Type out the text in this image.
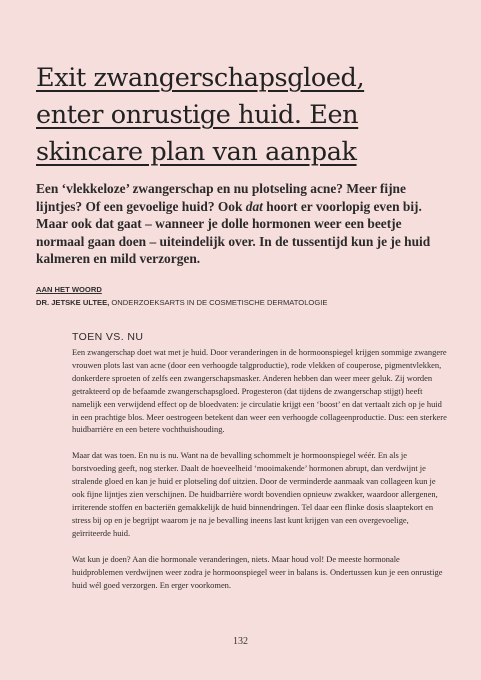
Exit zwangerschapsgloed,
enter onrustige huid. Een
skincare plan van aanpak

Een ‘vlekkeloze’ zwangerschap en nu plotseling acne? Meer fijne lijntjes? Of een gevoelige huid? Ook dat hoort er voorlopig even bij. Maar ook dat gaat – wanneer je dolle hormonen weer een beetje normaal gaan doen – uiteindelijk over. In de tussentijd kun je je huid kalmeren en mild verzorgen.

AAN HET WOORD
DR. JETSKE ULTEE, ONDERZOEKSARTS IN DE COSMETISCHE DERMATOLOGIE
TOEN VS. NU

Een zwangerschap doet wat met je huid. Door veranderingen in de hormoonspiegel krijgen sommige zwangere vrouwen plots last van acne (door een verhoogde talgproductie), rode vlekken of couperose, pigmentvlekken, donkerdere sproeten of zelfs een zwangerschapsmasker. Anderen hebben dan weer meer geluk. Zij worden getrakteerd op de befaamde zwangerschapsgloed. Progesteron (dat tijdens de zwangerschap stijgt) heeft namelijk een verwijdend effect op de bloedvaten: je circulatie krijgt een ‘boost’ en dat vertaalt zich op je huid in een prachtige blos. Meer oestrogeen betekent dan weer een verhoogde collageenproductie. Dus: een sterkere huidbarrière en een betere vochthuishouding.

Maar dat was toen. En nu is nu. Want na de bevalling schommelt je hormoonspiegel wéér. En als je borstvoeding geeft, nog sterker. Daalt de hoeveelheid ‘mooimakende’ hormonen abrupt, dan verdwijnt je stralende gloed en kan je huid er plotseling dof uitzien. Door de verminderde aanmaak van collageen kun je ook fijne lijntjes zien verschijnen. De huidbarrière wordt bovendien opnieuw zwakker, waardoor allergenen, irriterende stoffen en bacteriën gemakkelijk de huid binnendringen. Tel daar een flinke dosis slaaptekort en stress bij op en je begrijpt waarom je na je bevalling ineens last kunt krijgen van een overgevoelige, geïrriteerde huid.

Wat kun je doen? Aan die hormonale veranderingen, niets. Maar houd vol! De meeste hormonale huidproblemen verdwijnen weer zodra je hormoonspiegel weer in balans is. Ondertussen kun je een onrustige huid wél goed verzorgen. En erger voorkomen.

132
